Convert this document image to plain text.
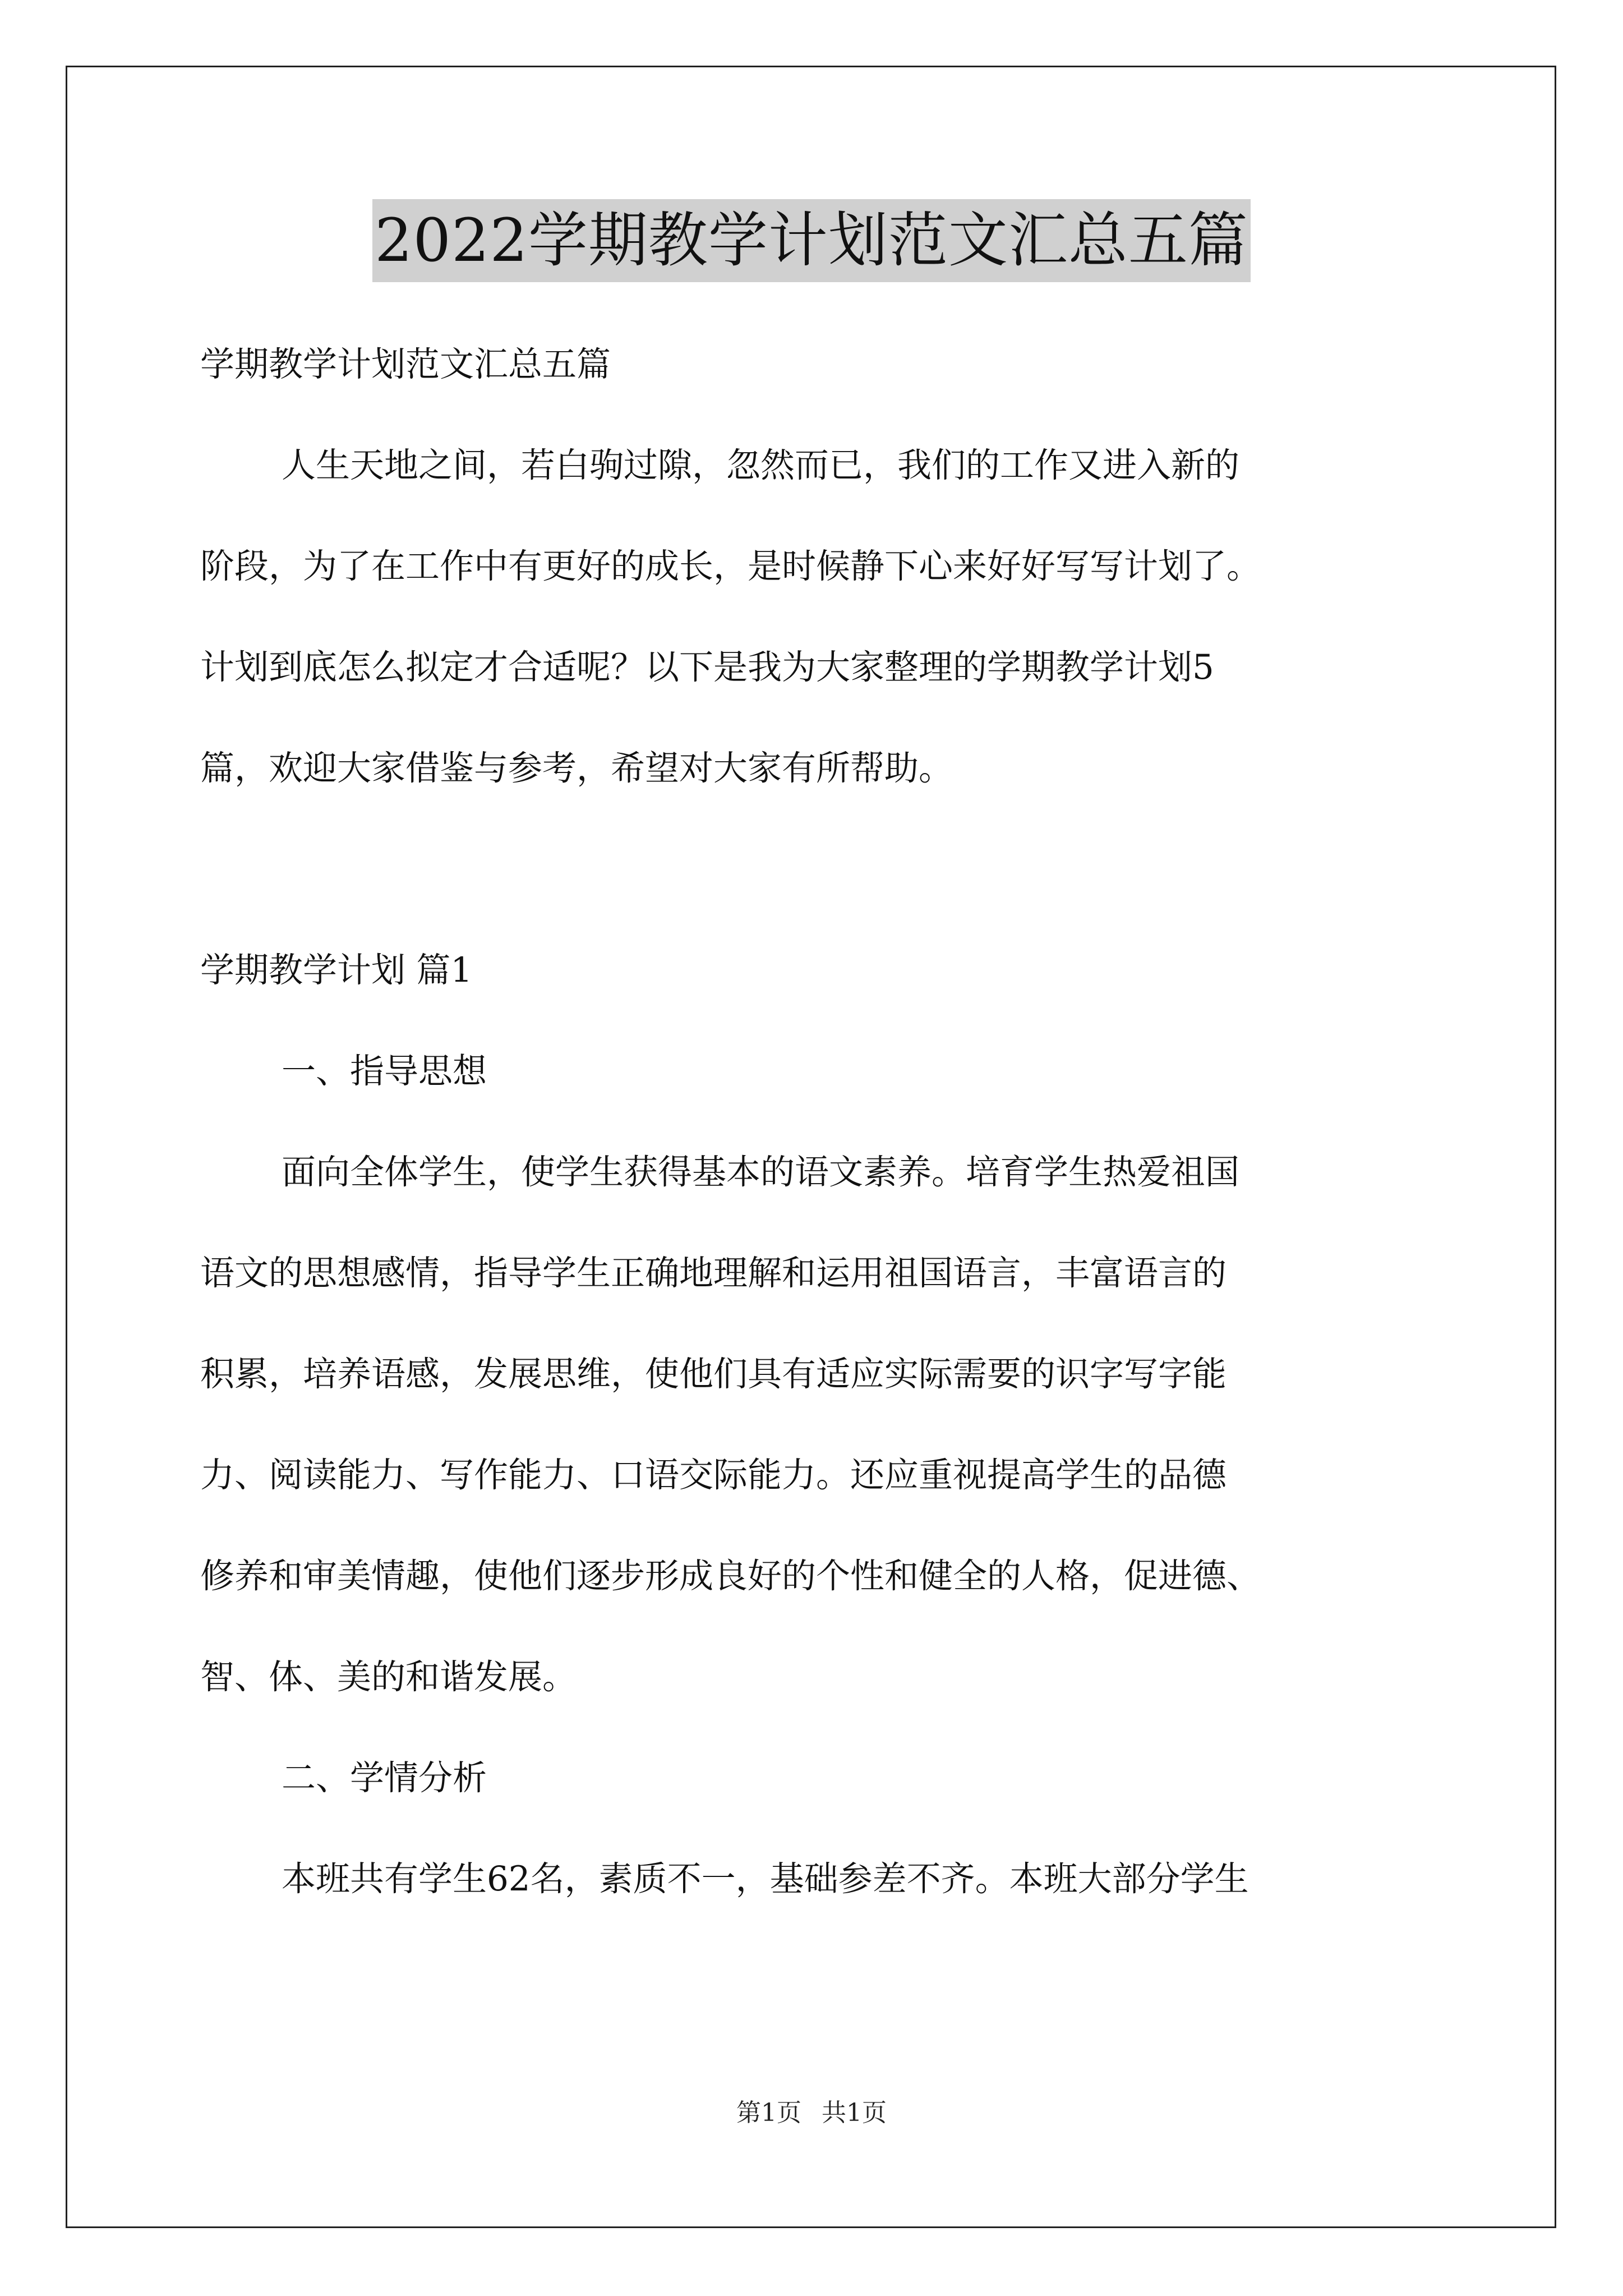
2022学期教学计划范文汇总五篇
学期教学计划范文汇总五篇
人生天地之间，若白驹过隙，忽然而已，我们的工作又进入新的
阶段，为了在工作中有更好的成长，是时候静下心来好好写写计划了。
计划到底怎么拟定才合适呢？以下是我为大家整理的学期教学计划5
篇，欢迎大家借鉴与参考，希望对大家有所帮助。
学期教学计划 篇1
一、指导思想
面向全体学生，使学生获得基本的语文素养。培育学生热爱祖国
语文的思想感情，指导学生正确地理解和运用祖国语言，丰富语言的
积累，培养语感，发展思维，使他们具有适应实际需要的识字写字能
力、阅读能力、写作能力、口语交际能力。还应重视提高学生的品德
修养和审美情趣，使他们逐步形成良好的个性和健全的人格，促进德、
智、体、美的和谐发展。
二、学情分析
本班共有学生62名，素质不一，基础参差不齐。本班大部分学生
第1页 共1页
